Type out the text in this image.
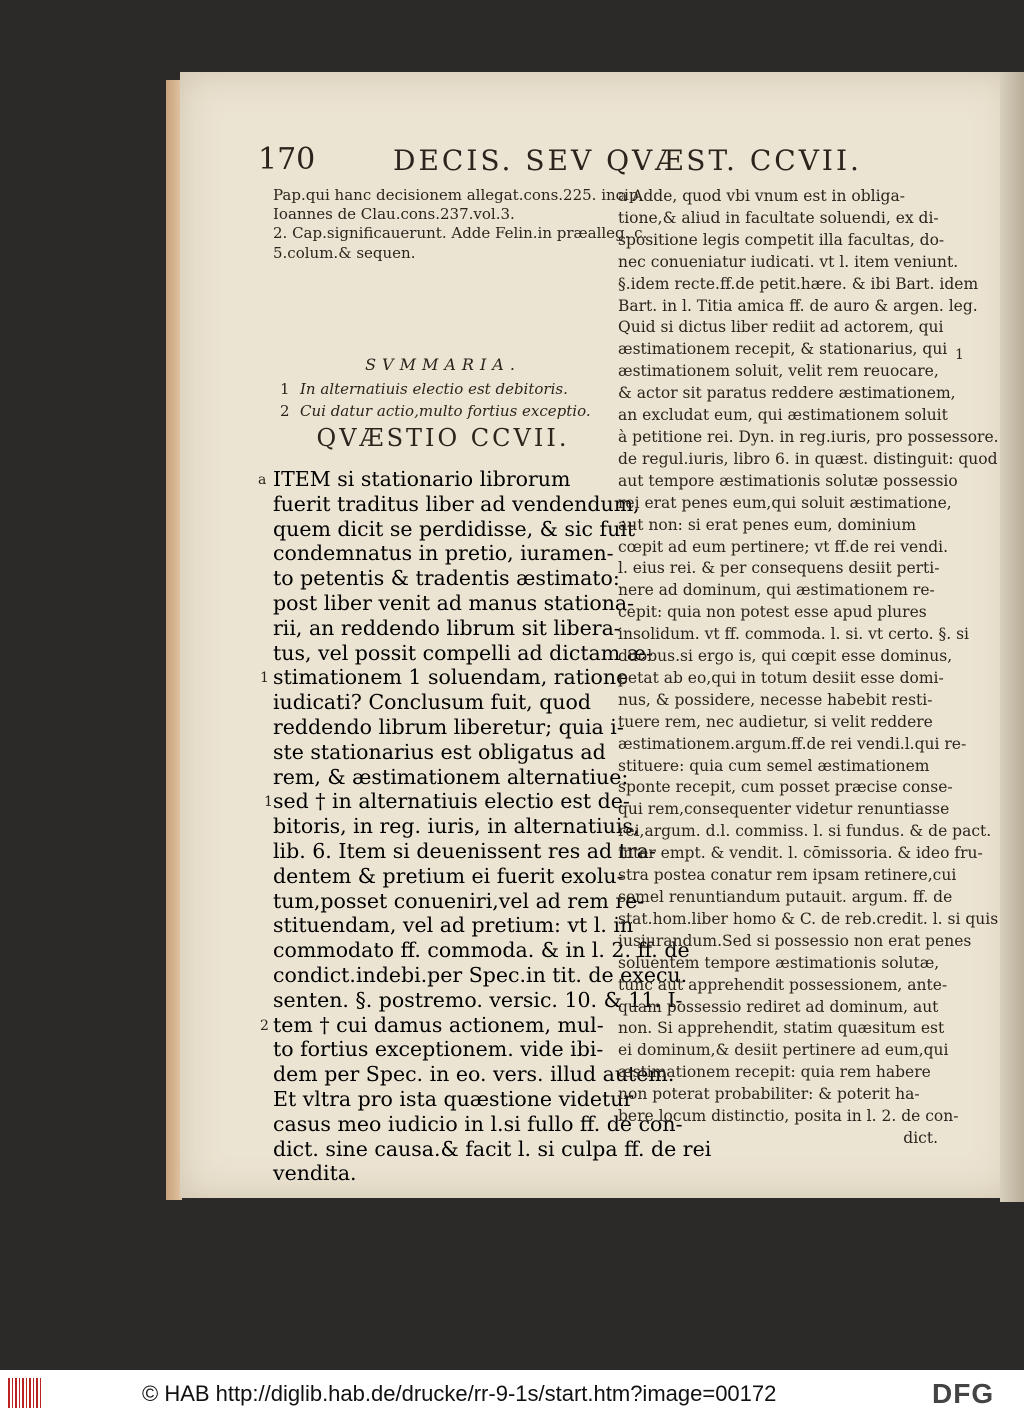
170	DECIS. SEV QVÆST. CCVII.
Pap.qui hanc decisionem allegat.cons.225. incip.
Ioannes de Clau.cons.237.vol.3.
2. Cap.significauerunt. Adde Felin.in præalleg. c.
5.colum.& sequen.
SVMMARIA.
1 In alternatiuis electio est debitoris.
2 Cui datur actio,multo fortius exceptio.
QVÆSTIO CCVII.
ITEM si stationario librorum
fuerit traditus liber ad vendendum,
quem dicit se perdidisse, & sic fuit
condemnatus in pretio, iuramen-
to petentis & tradentis æstimato:
post liber venit ad manus stationa-
rii, an reddendo librum sit libera-
tus, vel possit compelli ad dictam æ-
stimationem 1 soluendam, ratione
iudicati? Conclusum fuit, quod
reddendo librum liberetur; quia i-
ste stationarius est obligatus ad
rem, & æstimationem alternatiue:
sed † in alternatiuis electio est de-
bitoris, in reg. iuris, in alternatiuis,
lib. 6. Item si deuenissent res ad tra-
dentem & pretium ei fuerit exolu-
tum,posset conueniri,vel ad rem re-
stituendam, vel ad pretium: vt l. in
commodato ff. commoda. & in l. 2. ff. de
condict.indebi.per Spec.in tit. de execu.
senten. §. postremo. versic. 10. & 11. I-
tem † cui damus actionem, mul-
to fortius exceptionem. vide ibi-
dem per Spec. in eo. vers. illud autem.
Et vltra pro ista quæstione videtur
casus meo iudicio in l.si fullo ff. de con-
dict. sine causa.& facit l. si culpa ff. de rei
vendita.
a
1
1
2
1
a Adde, quod vbi vnum est in obliga-
tione,& aliud in facultate soluendi, ex di-
spositione legis competit illa facultas, do-
nec conueniatur iudicati. vt l. item veniunt.
§.idem recte.ff.de petit.hære. & ibi Bart. idem
Bart. in l. Titia amica ff. de auro & argen. leg.
Quid si dictus liber rediit ad actorem, qui
æstimationem recepit, & stationarius, qui
æstimationem soluit, velit rem reuocare,
& actor sit paratus reddere æstimationem,
an excludat eum, qui æstimationem soluit
à petitione rei. Dyn. in reg.iuris, pro possessore.
de regul.iuris, libro 6. in quæst. distinguit: quod
aut tempore æstimationis solutæ possessio
rei erat penes eum,qui soluit æstimatione,
aut non: si erat penes eum, dominium
cœpit ad eum pertinere; vt ff.de rei vendi.
l. eius rei. & per consequens desiit perti-
nere ad dominum, qui æstimationem re-
cepit: quia non potest esse apud plures
insolidum. vt ff. commoda. l. si. vt certo. §. si
duobus.si ergo is, qui cœpit esse dominus,
petat ab eo,qui in totum desiit esse domi-
nus, & possidere, necesse habebit resti-
tuere rem, nec audietur, si velit reddere
æstimationem.argum.ff.de rei vendi.l.qui re-
stituere: quia cum semel æstimationem
sponte recepit, cum posset præcise conse-
qui rem,consequenter videtur renuntiasse
rei,argum. d.l. commiss. l. si fundus. & de pact.
inter empt. & vendit. l. cōmissoria. & ideo fru-
stra postea conatur rem ipsam retinere,cui
semel renuntiandum putauit. argum. ff. de
stat.hom.liber homo & C. de reb.credit. l. si quis
iusiurandum.Sed si possessio non erat penes
soluentem tempore æstimationis solutæ,
tunc aut apprehendit possessionem, ante-
quam possessio rediret ad dominum, aut
non. Si apprehendit, statim quæsitum est
ei dominum,& desiit pertinere ad eum,qui
æstimationem recepit: quia rem habere
non poterat probabiliter: & poterit ha-
bere locum distinctio, posita in l. 2. de con-
dict.
© HAB http://diglib.hab.de/drucke/rr-9-1s/start.htm?image=00172	DFG
